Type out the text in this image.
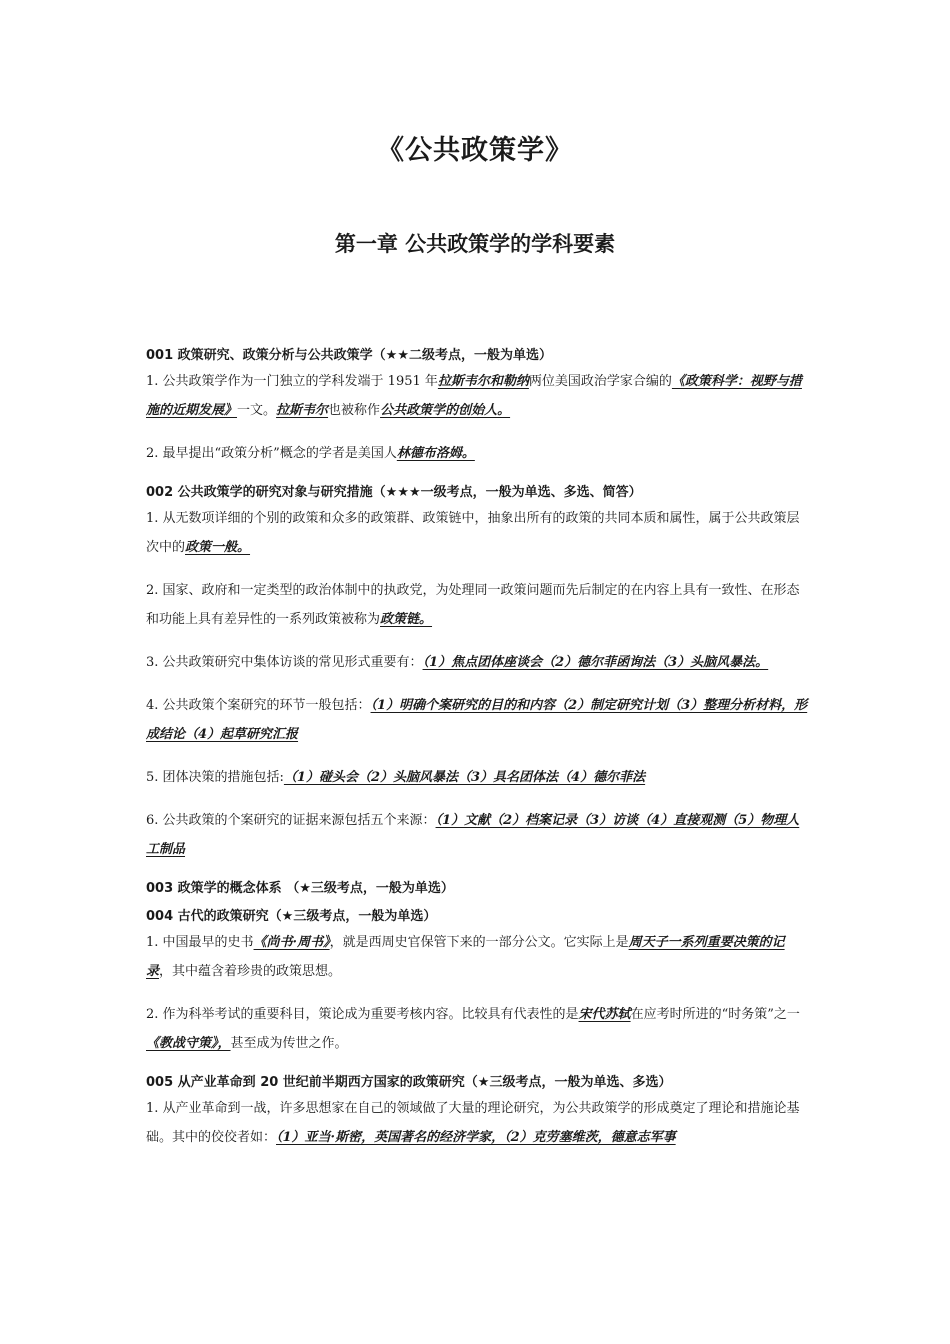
《公共政策学》
第一章 公共政策学的学科要素
001 政策研究、政策分析与公共政策学（★★二级考点，一般为单选）

1. 公共政策学作为一门独立的学科发端于 1951 年拉斯韦尔和勒纳两位美国政治学家合编的《政策科学：视野与措施的近期发展》一文。拉斯韦尔也被称作公共政策学的创始人。

2. 最早提出“政策分析”概念的学者是美国人林德布洛姆。

002 公共政策学的研究对象与研究措施（★★★一级考点，一般为单选、多选、简答）

1. 从无数项详细的个别的政策和众多的政策群、政策链中，抽象出所有的政策的共同本质和属性，属于公共政策层次中的政策一般。

2. 国家、政府和一定类型的政治体制中的执政党，为处理同一政策问题而先后制定的在内容上具有一致性、在形态和功能上具有差异性的一系列政策被称为政策链。

3. 公共政策研究中集体访谈的常见形式重要有：（1）焦点团体座谈会（2）德尔菲函询法（3）头脑风暴法。

4. 公共政策个案研究的环节一般包括：（1）明确个案研究的目的和内容（2）制定研究计划（3）整理分析材料，形成结论（4）起草研究汇报

5. 团体决策的措施包括:（1）碰头会（2）头脑风暴法（3）具名团体法（4）德尔菲法

6. 公共政策的个案研究的证据来源包括五个来源：（1）文献（2）档案记录（3）访谈（4）直接观测（5）物理人工制品

003 政策学的概念体系 （★三级考点，一般为单选）
004 古代的政策研究（★三级考点，一般为单选）

1. 中国最早的史书《尚书·周书》，就是西周史官保管下来的一部分公文。它实际上是周天子一系列重要决策的记录，其中蕴含着珍贵的政策思想。

2. 作为科举考试的重要科目，策论成为重要考核内容。比较具有代表性的是宋代苏轼在应考时所进的“时务策”之一《教战守策》，甚至成为传世之作。

005 从产业革命到 20 世纪前半期西方国家的政策研究（★三级考点，一般为单选、多选）

1. 从产业革命到一战，许多思想家在自己的领域做了大量的理论研究，为公共政策学的形成奠定了理论和措施论基础。其中的佼佼者如：（1）亚当·斯密，英国著名的经济学家，（2）克劳塞维茨，德意志军事
